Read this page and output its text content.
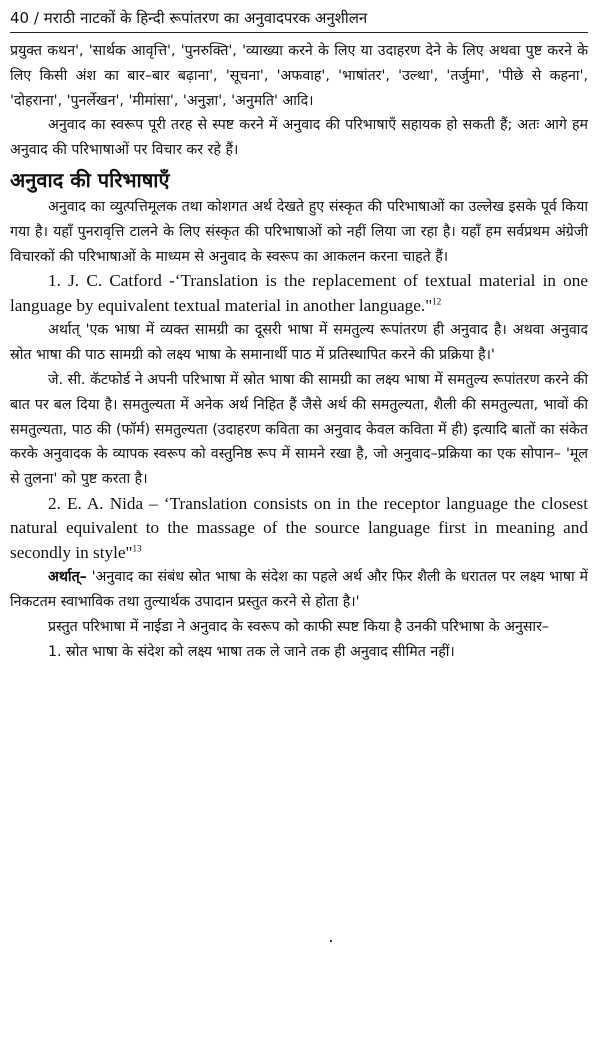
40 / मराठी नाटकों के हिन्दी रूपांतरण का अनुवादपरक अनुशीलन

प्रयुक्त कथन', 'सार्थक आवृत्ति', 'पुनरुक्ति', 'व्याख्या करने के लिए या उदाहरण देने के लिए अथवा पुष्ट करने के लिए किसी अंश का बार–बार बढ़ाना', 'सूचना', 'अफवाह', 'भाषांतर', 'उल्था', 'तर्जुमा', 'पीछे से कहना', 'दोहराना', 'पुनर्लेखन', 'मीमांसा', 'अनुज्ञा', 'अनुमति' आदि।

अनुवाद का स्वरूप पूरी तरह से स्पष्ट करने में अनुवाद की परिभाषाएँ सहायक हो सकती हैं; अतः आगे हम अनुवाद की परिभाषाओं पर विचार कर रहे हैं।

अनुवाद की परिभाषाएँ

अनुवाद का व्युत्पत्तिमूलक तथा कोशगत अर्थ देखते हुए संस्कृत की परिभाषाओं का उल्लेख इसके पूर्व किया गया है। यहाँ पुनरावृत्ति टालने के लिए संस्कृत की परिभाषाओं को नहीं लिया जा रहा है। यहाँ हम सर्वप्रथम अंग्रेजी विचारकों की परिभाषाओं के माध्यम से अनुवाद के स्वरूप का आकलन करना चाहते हैं।

1. J. C. Catford -‘Translation is the replacement of textual material in one language by equivalent textual material in another language."$^{12}$

अर्थात् 'एक भाषा में व्यक्त सामग्री का दूसरी भाषा में समतुल्य रूपांतरण ही अनुवाद है। अथवा अनुवाद स्रोत भाषा की पाठ सामग्री को लक्ष्य भाषा के समानार्थी पाठ में प्रतिस्थापित करने की प्रक्रिया है।'

जे. सी. कॅटफोर्ड ने अपनी परिभाषा में स्रोत भाषा की सामग्री का लक्ष्य भाषा में समतुल्य रूपांतरण करने की बात पर बल दिया है। समतुल्यता में अनेक अर्थ निहित हैं जैसे अर्थ की समतुल्यता, शैली की समतुल्यता, भावों की समतुल्यता, पाठ की (फॉर्म) समतुल्यता (उदाहरण कविता का अनुवाद केवल कविता में ही) इत्यादि बातों का संकेत करके अनुवादक के व्यापक स्वरूप को वस्तुनिष्ठ रूप में सामने रखा है, जो अनुवाद–प्रक्रिया का एक सोपान– 'मूल से तुलना' को पुष्ट करता है।

2. E. A. Nida – ‘Translation consists on in the receptor language the closest natural equivalent to the massage of the source language first in meaning and secondly in style"$^{13}$

अर्थात्– 'अनुवाद का संबंध स्रोत भाषा के संदेश का पहले अर्थ और फिर शैली के धरातल पर लक्ष्य भाषा में निकटतम स्वाभाविक तथा तुल्यार्थक उपादान प्रस्तुत करने से होता है।'

प्रस्तुत परिभाषा में नाईडा ने अनुवाद के स्वरूप को काफी स्पष्ट किया है उनकी परिभाषा के अनुसार–

1. स्रोत भाषा के संदेश को लक्ष्य भाषा तक ले जाने तक ही अनुवाद सीमित नहीं।
